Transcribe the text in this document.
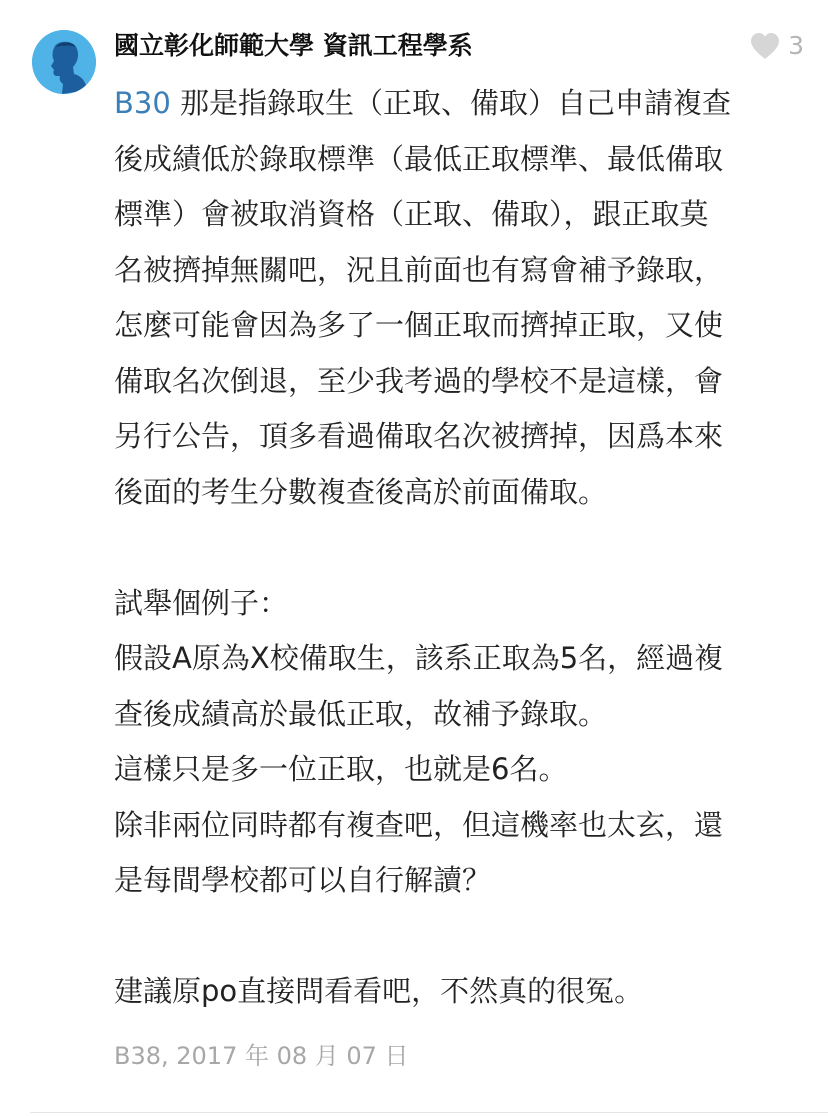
國立彰化師範大學 資訊工程學系	3
B30 那是指錄取生（正取、備取）自己申請複查
後成績低於錄取標準（最低正取標準、最低備取
標準）會被取消資格（正取、備取），跟正取莫
名被擠掉無關吧，況且前面也有寫會補予錄取，
怎麼可能會因為多了一個正取而擠掉正取，又使
備取名次倒退，至少我考過的學校不是這樣，會
另行公告，頂多看過備取名次被擠掉，因爲本來
後面的考生分數複查後高於前面備取。
試舉個例子：
假設A原為X校備取生，該系正取為5名，經過複
查後成績高於最低正取，故補予錄取。
這樣只是多一位正取，也就是6名。
除非兩位同時都有複查吧，但這機率也太玄，還
是每間學校都可以自行解讀？
建議原po直接問看看吧，不然真的很冤。
B38, 2017 年 08 月 07 日
